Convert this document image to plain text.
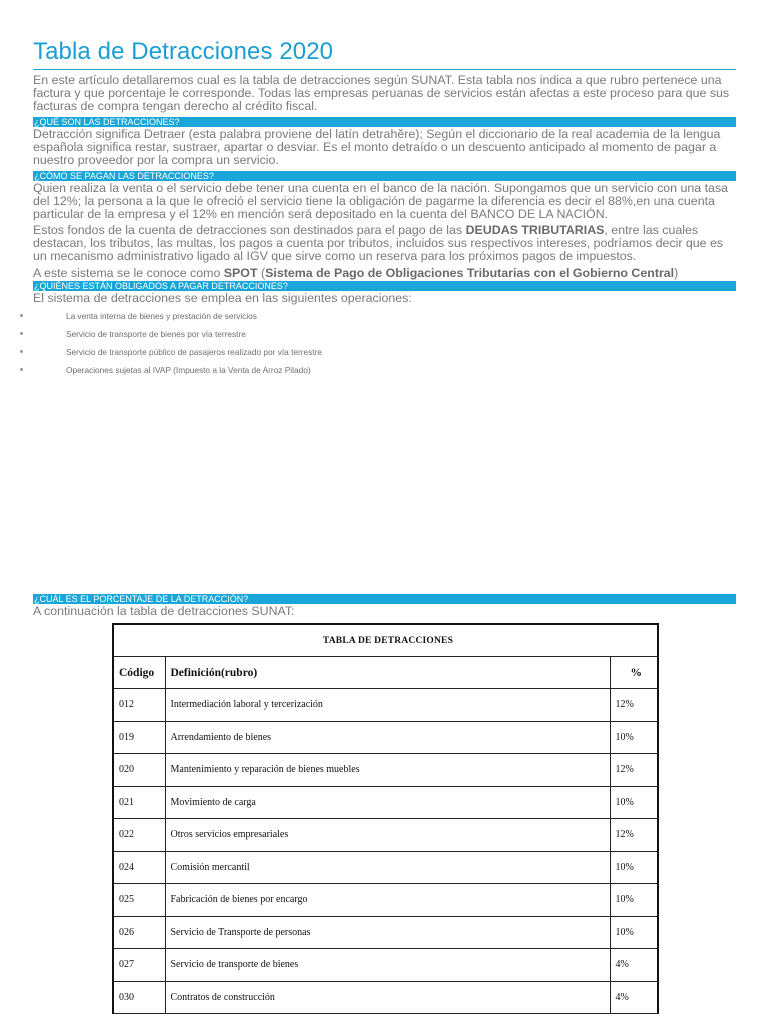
Tabla de Detracciones 2020

En este artículo detallaremos cual es la tabla de detracciones según SUNAT. Esta tabla nos indica a que rubro pertenece una factura y que porcentaje le corresponde. Todas las empresas peruanas de servicios están afectas a este proceso para que sus facturas de compra tengan derecho al crédito fiscal.

¿QUÉ SON LAS DETRACCIONES?

Detracción significa Detraer (esta palabra proviene del latín detrahĕre); Según el diccionario de la real academia de la lengua española significa restar, sustraer, apartar o desviar. Es el monto detraído o un descuento anticipado al momento de pagar a nuestro proveedor por la compra un servicio.

¿CÓMO SE PAGAN LAS DETRACCIONES?

Quien realiza la venta o el servicio debe tener una cuenta en el banco de la nación. Supongamos que un servicio con una tasa del 12%; la persona a la que le ofreció el servicio tiene la obligación de pagarme la diferencia es decir el 88%,en una cuenta particular de la empresa y el 12% en mención será depositado en la cuenta del BANCO DE LA NACIÓN.

Estos fondos de la cuenta de detracciones son destinados para el pago de las DEUDAS TRIBUTARIAS, entre las cuales destacan, los tributos, las multas, los pagos a cuenta por tributos, incluidos sus respectivos intereses, podríamos decir que es un mecanismo administrativo ligado al IGV que sirve como un reserva para los próximos pagos de impuestos.

A este sistema se le conoce como SPOT (Sistema de Pago de Obligaciones Tributarias con el Gobierno Central)

¿QUIÉNES ESTÁN OBLIGADOS A PAGAR DETRACCIONES?

El sistema de detracciones se emplea en las siguientes operaciones:

La venta interna de bienes y prestación de servicios
Servicio de transporte de bienes por vía terrestre
Servicio de transporte público de pasajeros realizado por vía terrestre
Operaciones sujetas al IVAP (Impuesto a la Venta de Arroz Pilado)
¿CUÁL ES EL PORCENTAJE DE LA DETRACCIÓN?

A continuación la tabla de detracciones SUNAT:

TABLA DE DETRACCIONES		
Código	Definición(rubro)	%
012	Intermediación laboral y tercerización	12%
019	Arrendamiento de bienes	10%
020	Mantenimiento y reparación de bienes muebles	12%
021	Movimiento de carga	10%
022	Otros servicios empresariales	12%
024	Comisión mercantil	10%
025	Fabricación de bienes por encargo	10%
026	Servicio de Transporte de personas	10%
027	Servicio de transporte de bienes	4%
030	Contratos de construcción	4%
